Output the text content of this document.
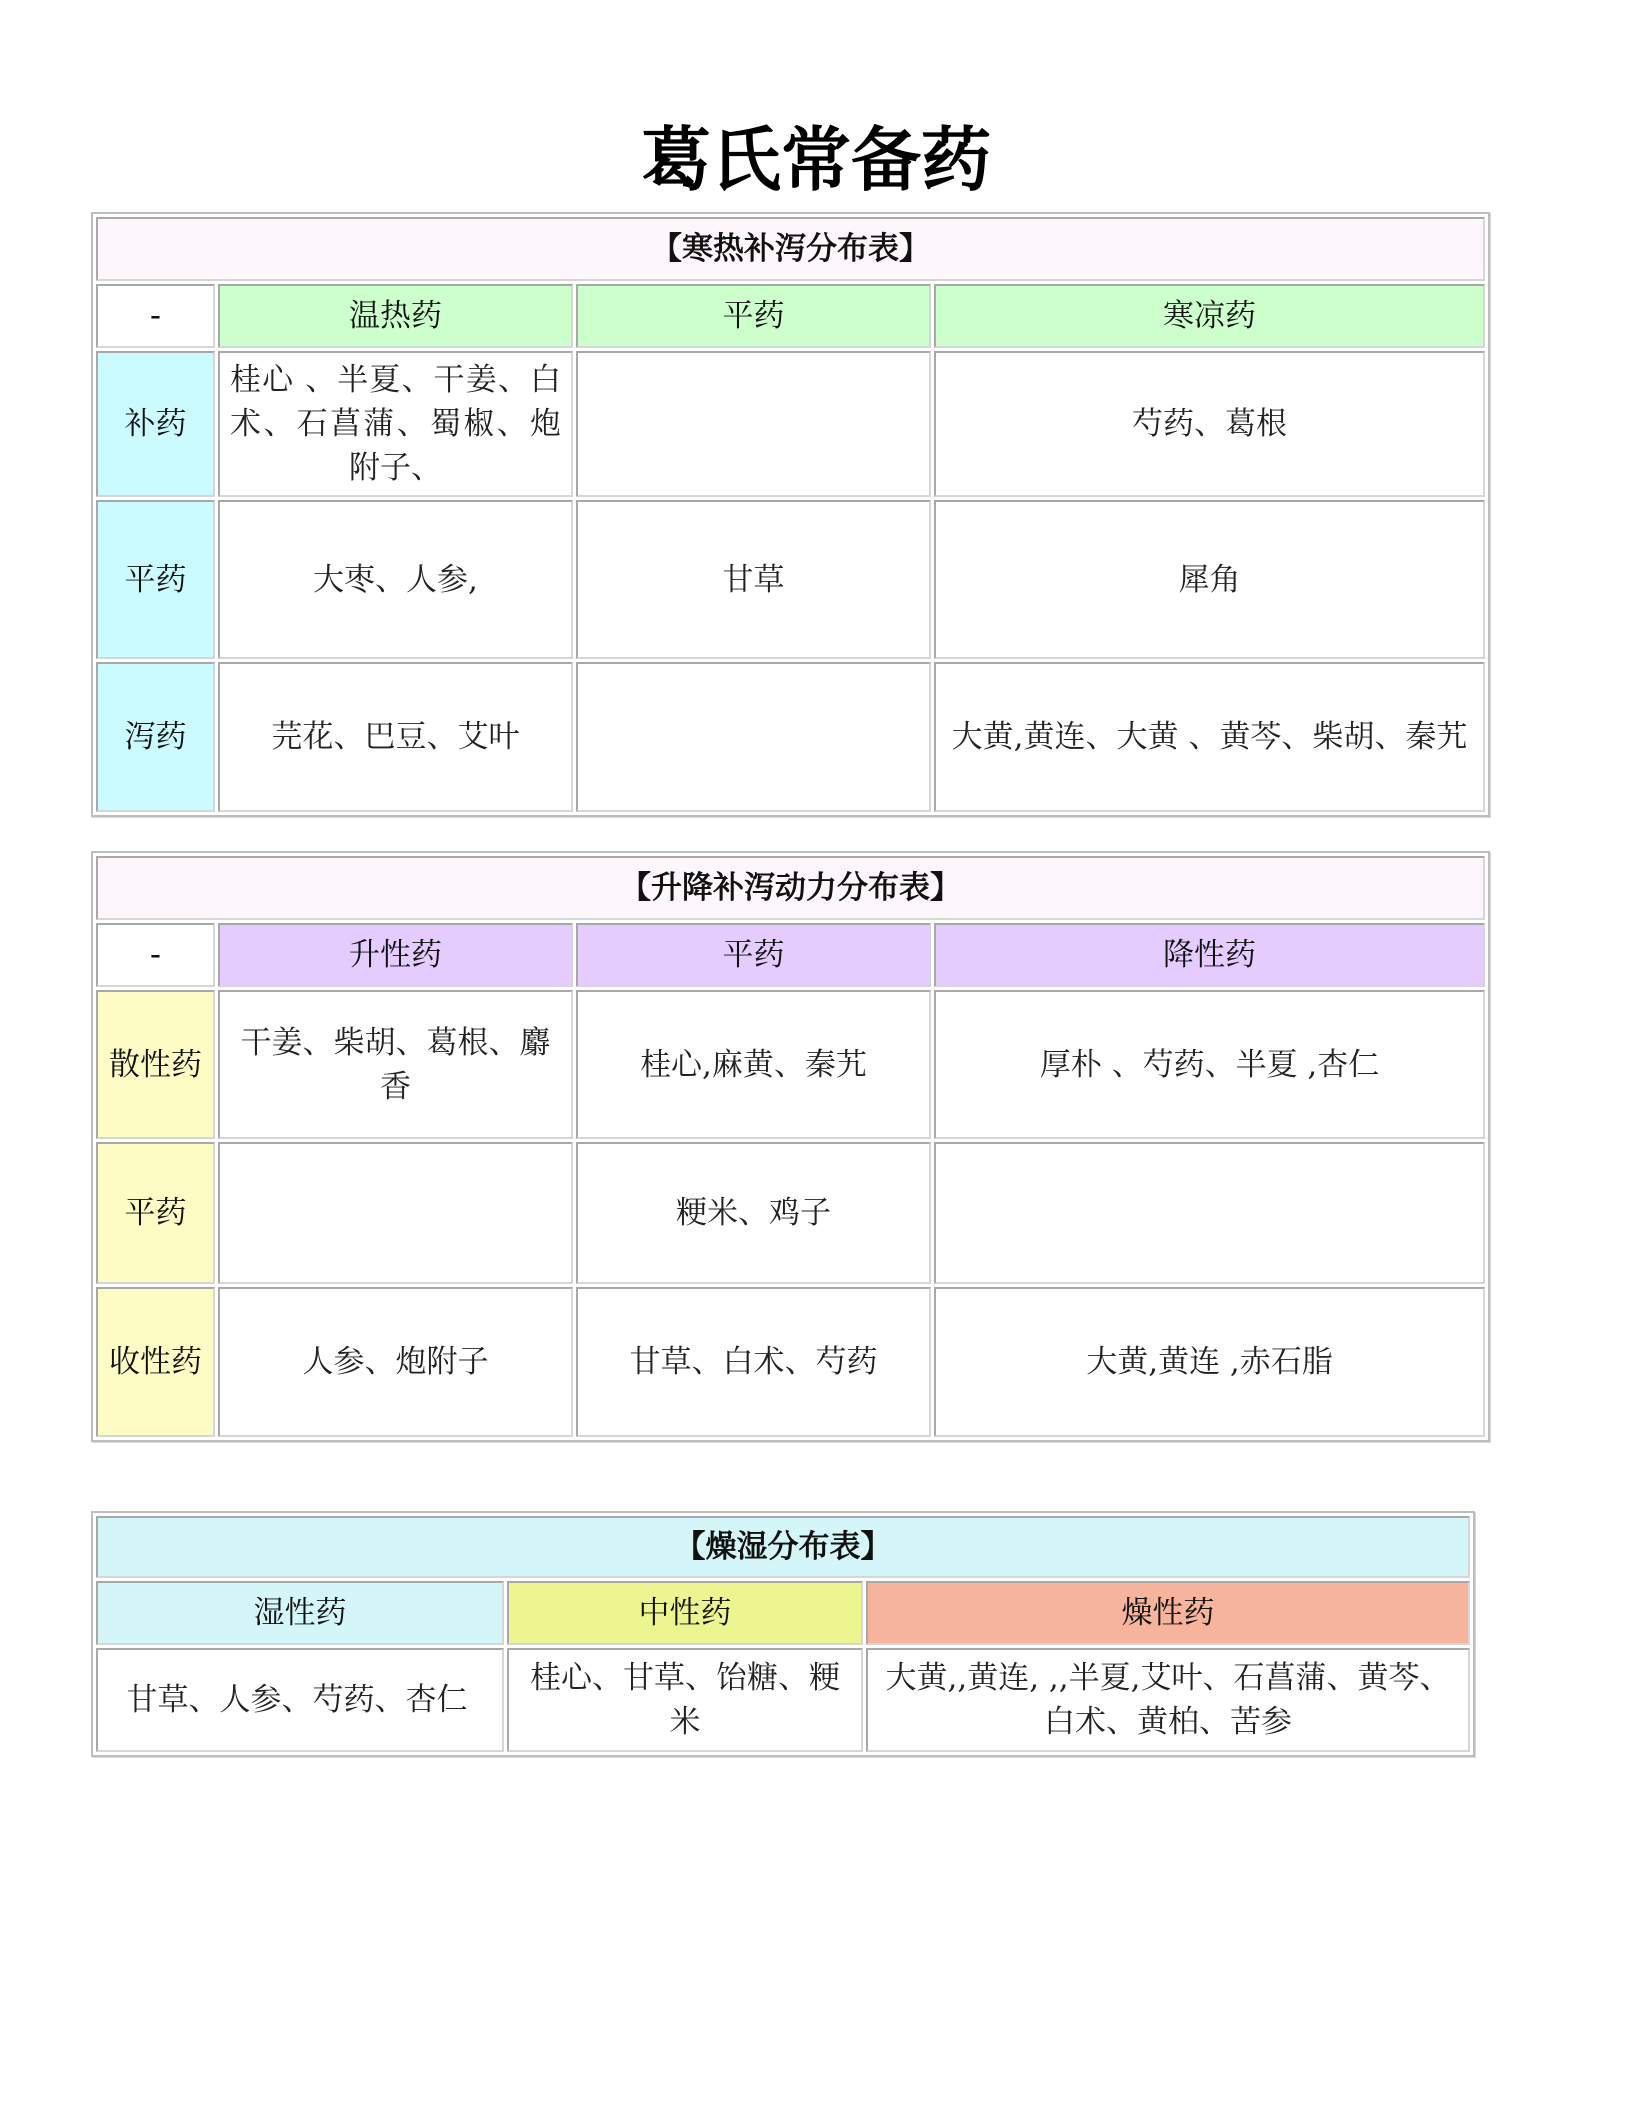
葛氏常备药
【寒热补泻分布表】			
-	温热药	平药	寒凉药
补药	桂心 、半夏、干姜、白术、石菖蒲、蜀椒、炮附子、		芍药、葛根
平药	大枣、人参,	甘草	犀角
泻药	芫花、巴豆、艾叶		大黄,黄连、大黄 、黄芩、柴胡、秦艽
【升降补泻动力分布表】			
-	升性药	平药	降性药
散性药	干姜、柴胡、葛根、麝香	桂心,麻黄、秦艽	厚朴 、芍药、半夏 ,杏仁
平药		粳米、鸡子	
收性药	人参、炮附子	甘草、白术、芍药	大黄,黄连 ,赤石脂
【燥湿分布表】		
湿性药	中性药	燥性药
甘草、人参、芍药、杏仁	桂心、甘草、饴糖、粳米	大黄,,黄连, ,,半夏,艾叶、石菖蒲、黄芩、白术、黄柏、苦参
